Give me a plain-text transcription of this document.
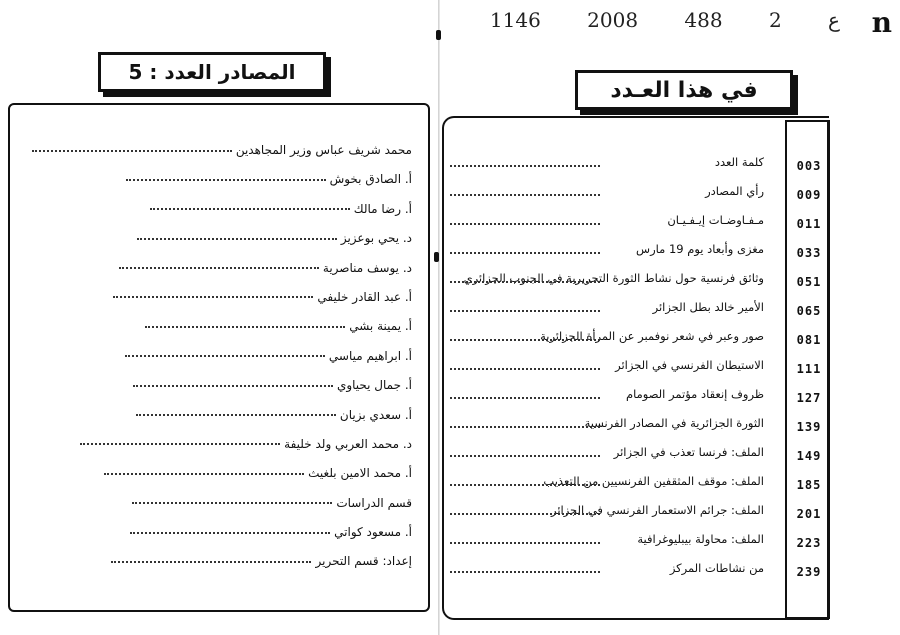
المصادر العدد : 5
محمد شريف عباس وزير المجاهدين
أ. الصادق بخوش
أ. رضا مالك
د. يحي بوعزيز
د. يوسف مناصرية
أ. عبد القادر خليفي
أ. يمينة بشي
أ. ابراهيم مياسي
أ. جمال يحياوي
أ. سعدي بزيان
د. محمد العربي ولد خليفة
أ. محمد الامين بلغيث
قسم الدراسات
أ. مسعود كواتي
إعداد: قسم التحرير
1146 2008 4ع 2 88 n
في هذا العـدد
003
كلمة العدد
009
رأي المصادر
011
مـفـاوضـات إيـفـيـان
033
مغزى وأبعاد يوم 19 مارس
051
وثائق فرنسية حول نشاط الثورة التحريرية في الجنوب الجزائري
065
الأمير خالد بطل الجزائر
081
صور وعبر في شعر نوفمبر عن المرأة الجزائرية
111
الاستيطان الفرنسي في الجزائر
127
ظروف إنعقاد مؤتمر الصومام
139
الثورة الجزائرية في المصادر الفرنسية
149
الملف: فرنسا تعذب في الجزائر
185
الملف: موقف المثقفين الفرنسيين من التعذيب
201
الملف: جرائم الاستعمار الفرنسي في الجزائر
223
الملف: محاولة بيبليوغرافية
239
من نشاطات المركز
